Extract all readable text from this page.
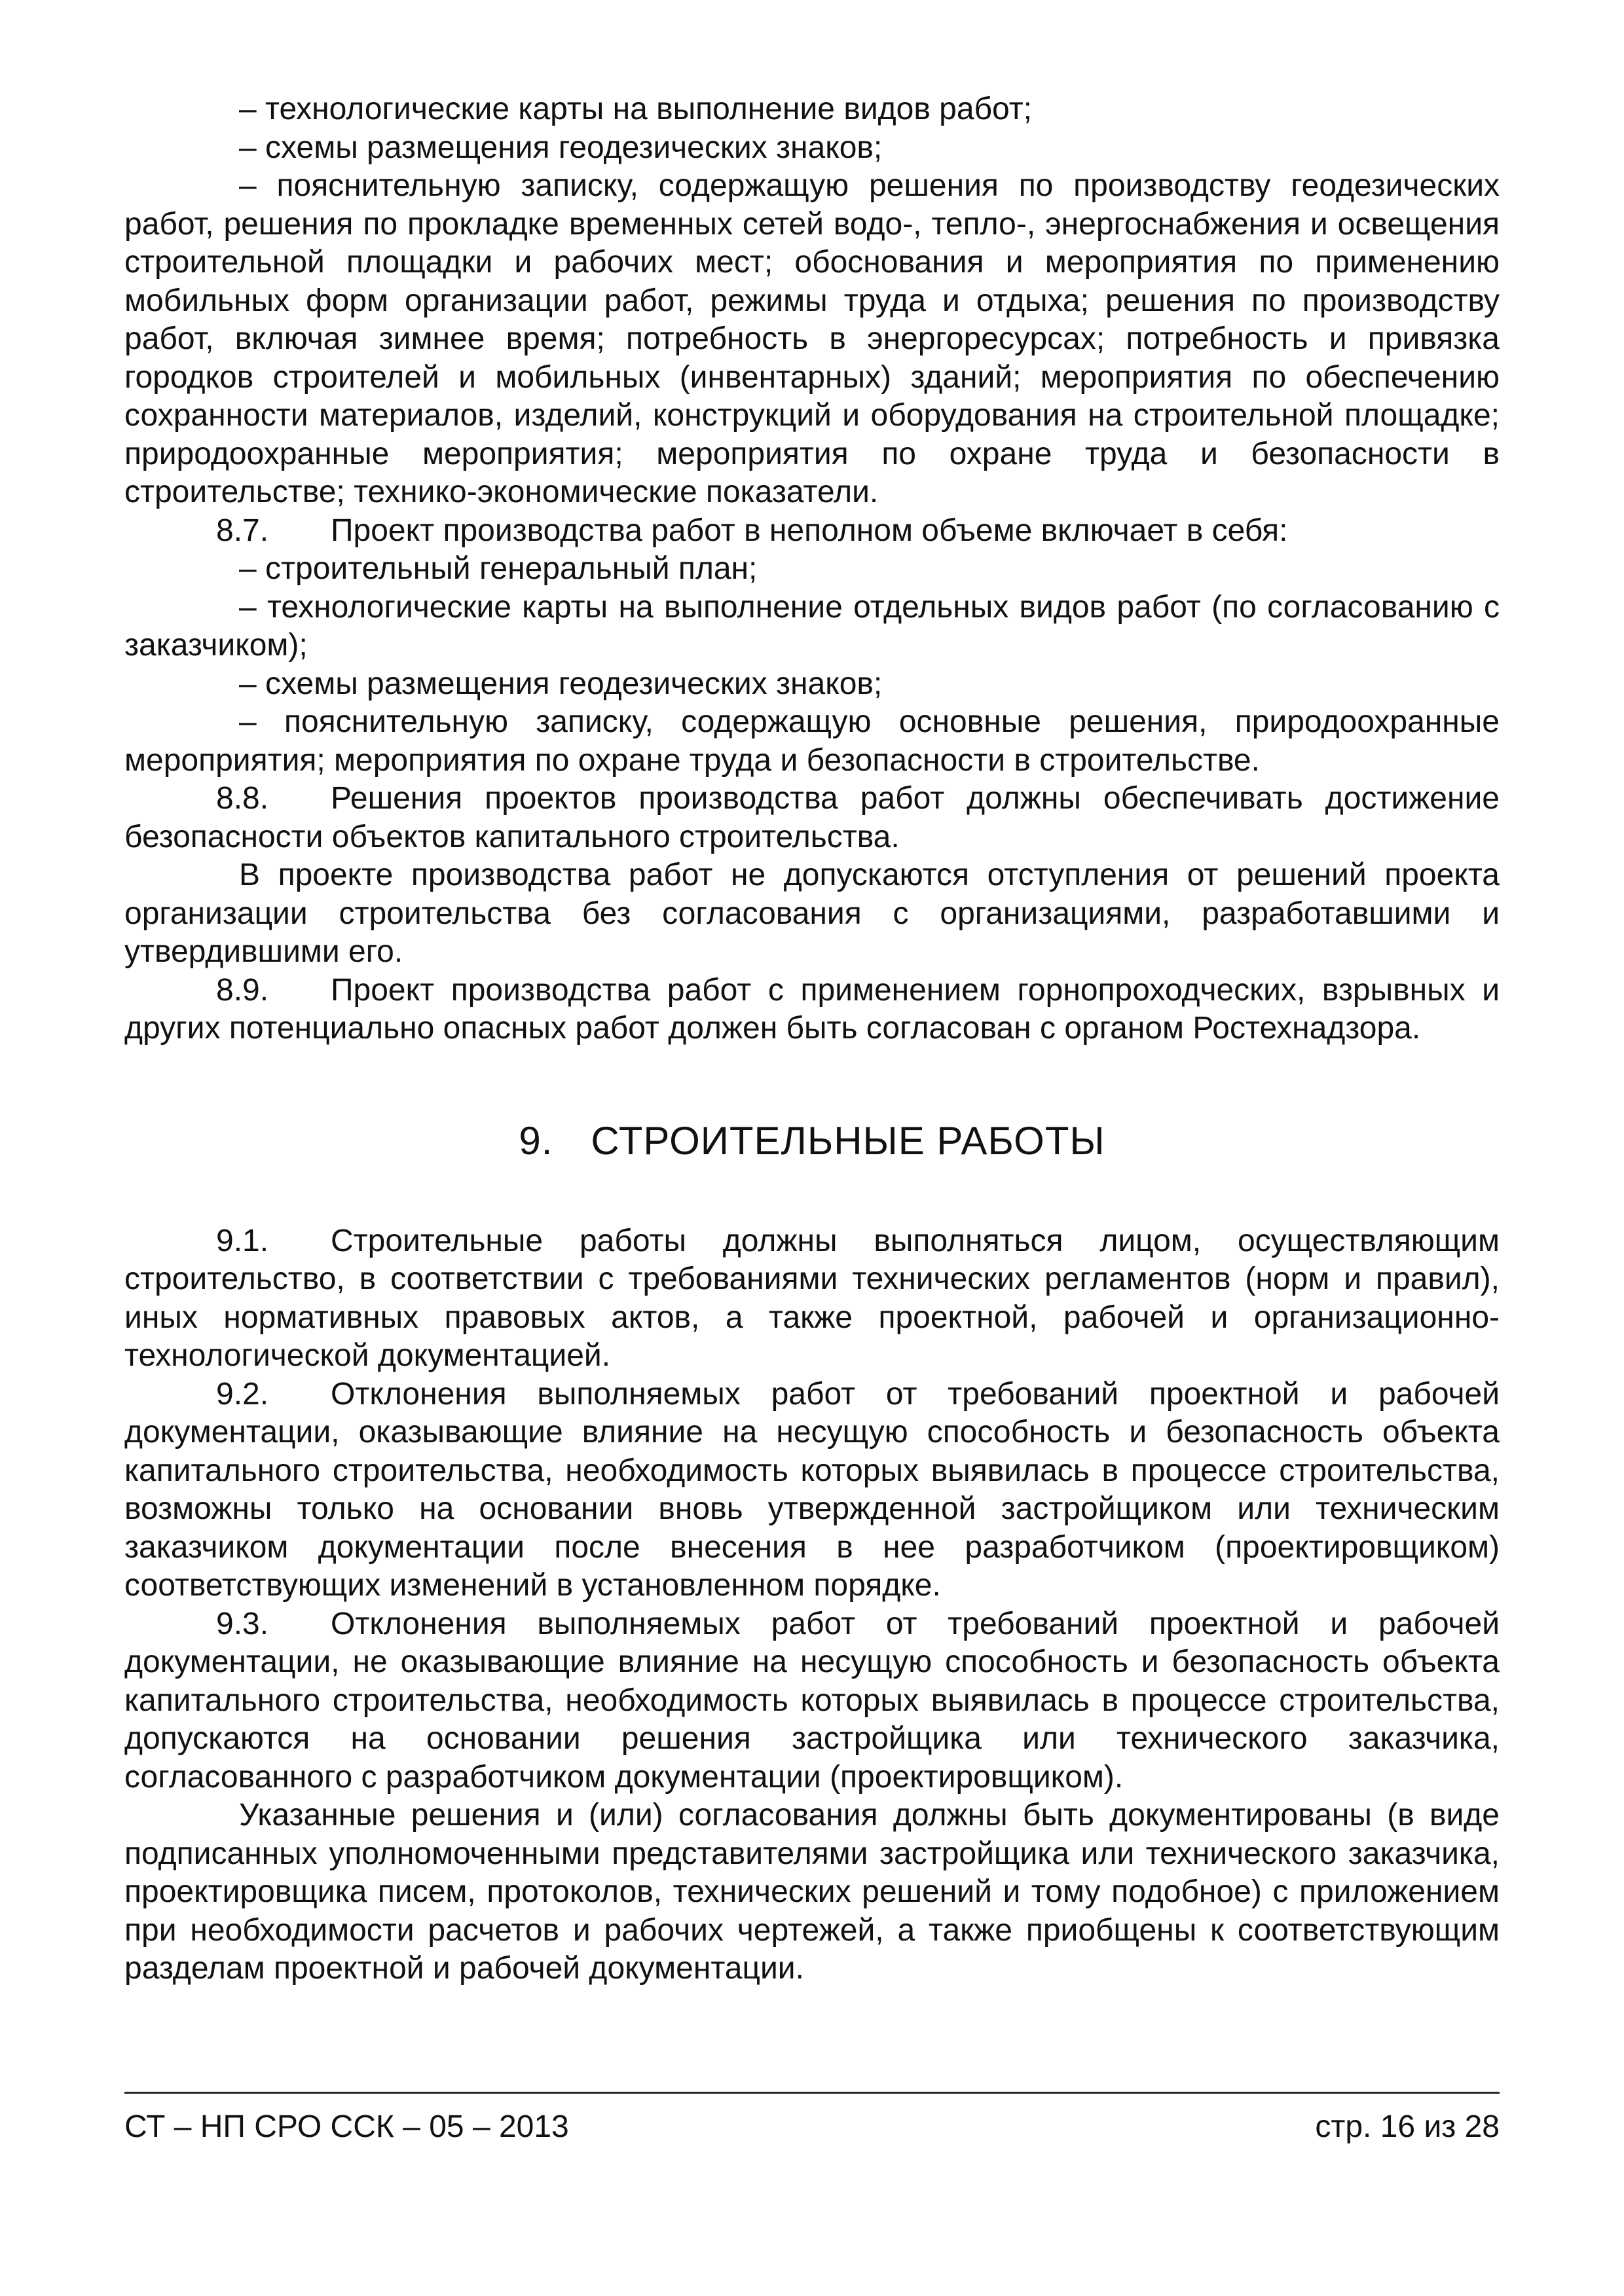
– технологические карты на выполнение видов работ;

– схемы размещения геодезических знаков;

– пояснительную записку, содержащую решения по производству геодезических работ, решения по прокладке временных сетей водо-, тепло-, энергоснабжения и освещения строительной площадки и рабочих мест; обоснования и мероприятия по применению мобильных форм организации работ, режимы труда и отдыха; решения по производству работ, включая зимнее время; потребность в энергоресурсах; потребность и привязка городков строителей и мобильных (инвентарных) зданий; мероприятия по обеспечению сохранности материалов, изделий, конструкций и оборудования на строительной площадке; природоохранные мероприятия; мероприятия по охране труда и безопасности в строительстве; технико-экономические показатели.

8.7. Проект производства работ в неполном объеме включает в себя:

– строительный генеральный план;

– технологические карты на выполнение отдельных видов работ (по согласованию с заказчиком);

– схемы размещения геодезических знаков;

– пояснительную записку, содержащую основные решения, природоохранные мероприятия; мероприятия по охране труда и безопасности в строительстве.

8.8. Решения проектов производства работ должны обеспечивать достижение безопасности объектов капитального строительства.

В проекте производства работ не допускаются отступления от решений проекта организации строительства без согласования с организациями, разработавшими и утвердившими его.

8.9. Проект производства работ с применением горнопроходческих, взрывных и других потенциально опасных работ должен быть согласован с органом Ростехнадзора.

9. СТРОИТЕЛЬНЫЕ РАБОТЫ

9.1. Строительные работы должны выполняться лицом, осуществляющим строительство, в соответствии с требованиями технических регламентов (норм и правил), иных нормативных правовых актов, а также проектной, рабочей и организационно-технологической документацией.

9.2. Отклонения выполняемых работ от требований проектной и рабочей документации, оказывающие влияние на несущую способность и безопасность объекта капитального строительства, необходимость которых выявилась в процессе строительства, возможны только на основании вновь утвержденной застройщиком или техническим заказчиком документации после внесения в нее разработчиком (проектировщиком) соответствующих изменений в установленном порядке.

9.3. Отклонения выполняемых работ от требований проектной и рабочей документации, не оказывающие влияние на несущую способность и безопасность объекта капитального строительства, необходимость которых выявилась в процессе строительства, допускаются на основании решения застройщика или технического заказчика, согласованного с разработчиком документации (проектировщиком).

Указанные решения и (или) согласования должны быть документированы (в виде подписанных уполномоченными представителями застройщика или технического заказчика, проектировщика писем, протоколов, технических решений и тому подобное) с приложением при необходимости расчетов и рабочих чертежей, а также приобщены к соответствующим разделам проектной и рабочей документации.

СТ – НП СРО ССК – 05 – 2013	стр. 16 из 28
